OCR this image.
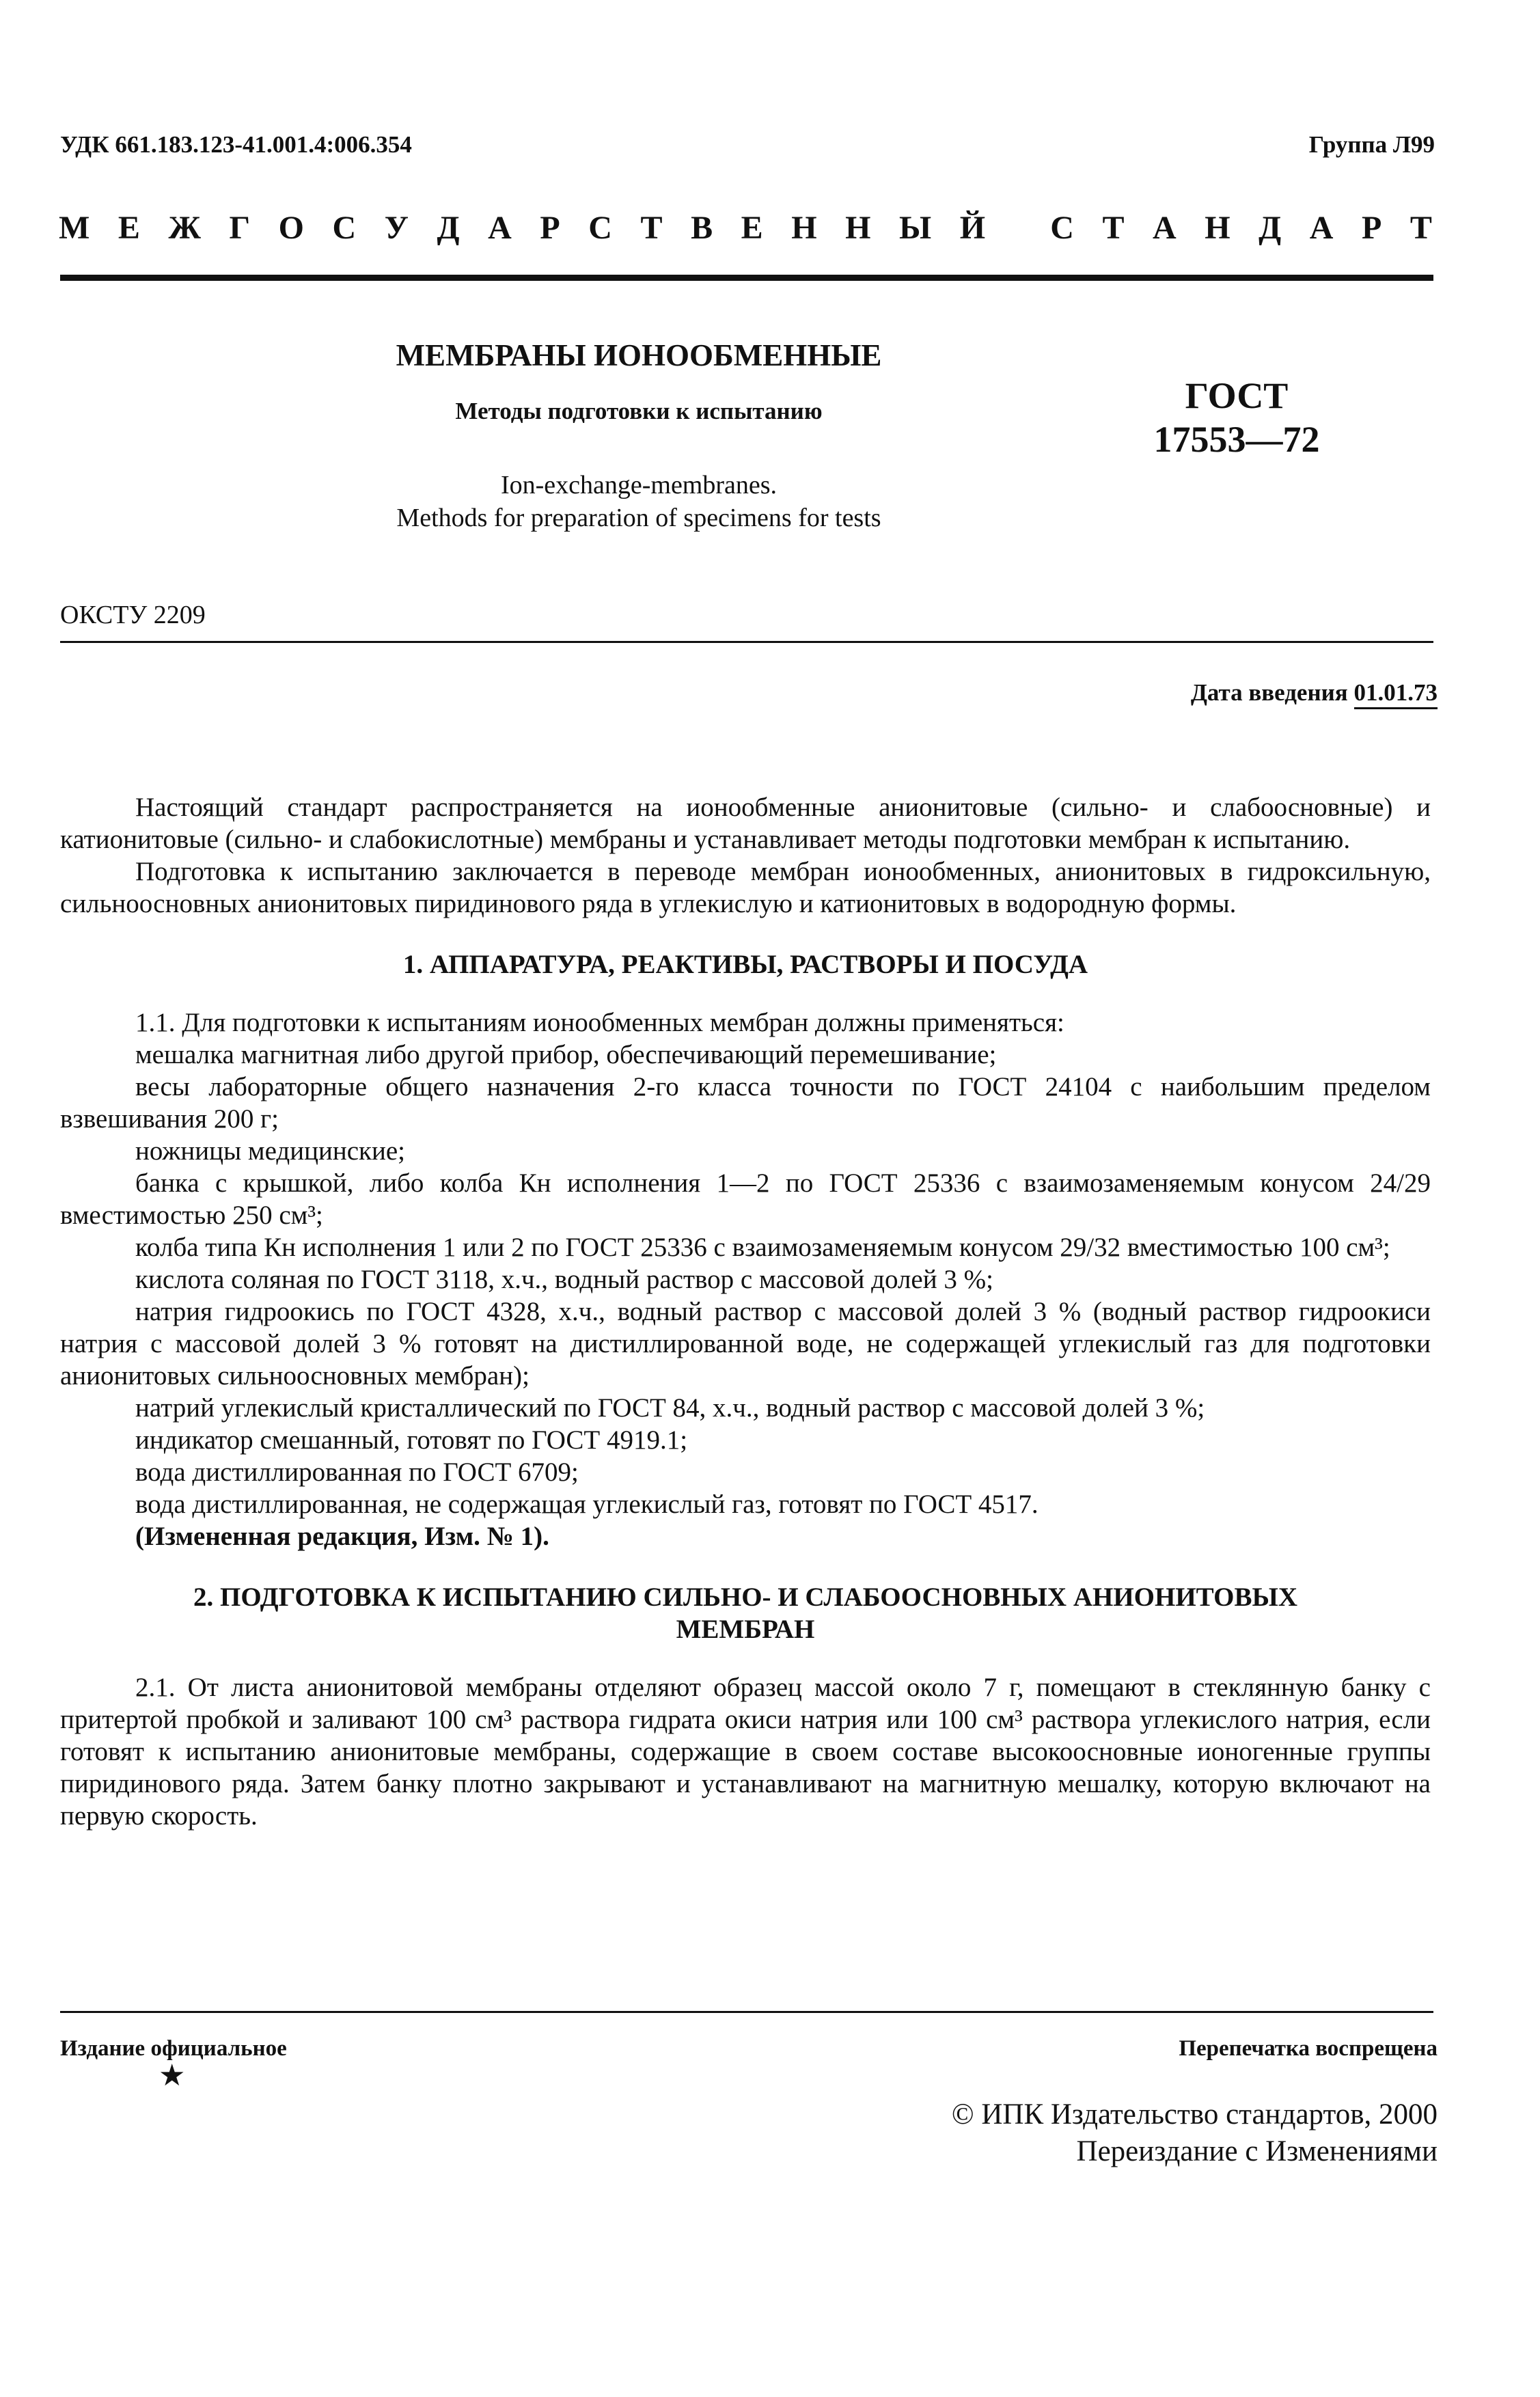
УДК 661.183.123-41.001.4:006.354	Группа Л99
М Е Ж Г О С У Д А Р С Т В Е Н Н Ы Й
С Т А Н Д А Р Т
МЕМБРАНЫ ИОНООБМЕННЫЕ
Методы подготовки к испытанию
Ion-exchange-membranes.
Methods for preparation of specimens for tests
ГОСТ
17553—72
ОКСТУ 2209
Дата введения 01.01.73

Настоящий стандарт распространяется на ионообменные анионитовые (сильно- и слабоосновные) и катионитовые (сильно- и слабокислотные) мембраны и устанавливает методы подготовки мембран к испытанию.

Подготовка к испытанию заключается в переводе мембран ионообменных, анионитовых в гидроксильную, сильноосновных анионитовых пиридинового ряда в углекислую и катионитовых в водородную формы.

1. АППАРАТУРА, РЕАКТИВЫ, РАСТВОРЫ И ПОСУДА

1.1. Для подготовки к испытаниям ионообменных мембран должны применяться:

мешалка магнитная либо другой прибор, обеспечивающий перемешивание;

весы лабораторные общего назначения 2-го класса точности по ГОСТ 24104 с наибольшим пределом взвешивания 200 г;

ножницы медицинские;

банка с крышкой, либо колба Кн исполнения 1—2 по ГОСТ 25336 с взаимозаменяемым конусом 24/29 вместимостью 250 см³;

колба типа Кн исполнения 1 или 2 по ГОСТ 25336 с взаимозаменяемым конусом 29/32 вместимостью 100 см³;

кислота соляная по ГОСТ 3118, х.ч., водный раствор с массовой долей 3 %;

натрия гидроокись по ГОСТ 4328, х.ч., водный раствор с массовой долей 3 % (водный раствор гидроокиси натрия с массовой долей 3 % готовят на дистиллированной воде, не содержащей углекислый газ для подготовки анионитовых сильноосновных мембран);

натрий углекислый кристаллический по ГОСТ 84, х.ч., водный раствор с массовой долей 3 %;

индикатор смешанный, готовят по ГОСТ 4919.1;

вода дистиллированная по ГОСТ 6709;

вода дистиллированная, не содержащая углекислый газ, готовят по ГОСТ 4517.

(Измененная редакция, Изм. № 1).

2. ПОДГОТОВКА К ИСПЫТАНИЮ СИЛЬНО- И СЛАБООСНОВНЫХ АНИОНИТОВЫХ
МЕМБРАН

2.1. От листа анионитовой мембраны отделяют образец массой около 7 г, помещают в стеклянную банку с притертой пробкой и заливают 100 см³ раствора гидрата окиси натрия или 100 см³ раствора углекислого натрия, если готовят к испытанию анионитовые мембраны, содержащие в своем составе высокоосновные ионогенные группы пиридинового ряда. Затем банку плотно закрывают и устанавливают на магнитную мешалку, которую включают на первую скорость.

Издание официальное
★
Перепечатка воспрещена
© ИПК Издательство стандартов, 2000
Переиздание с Изменениями
